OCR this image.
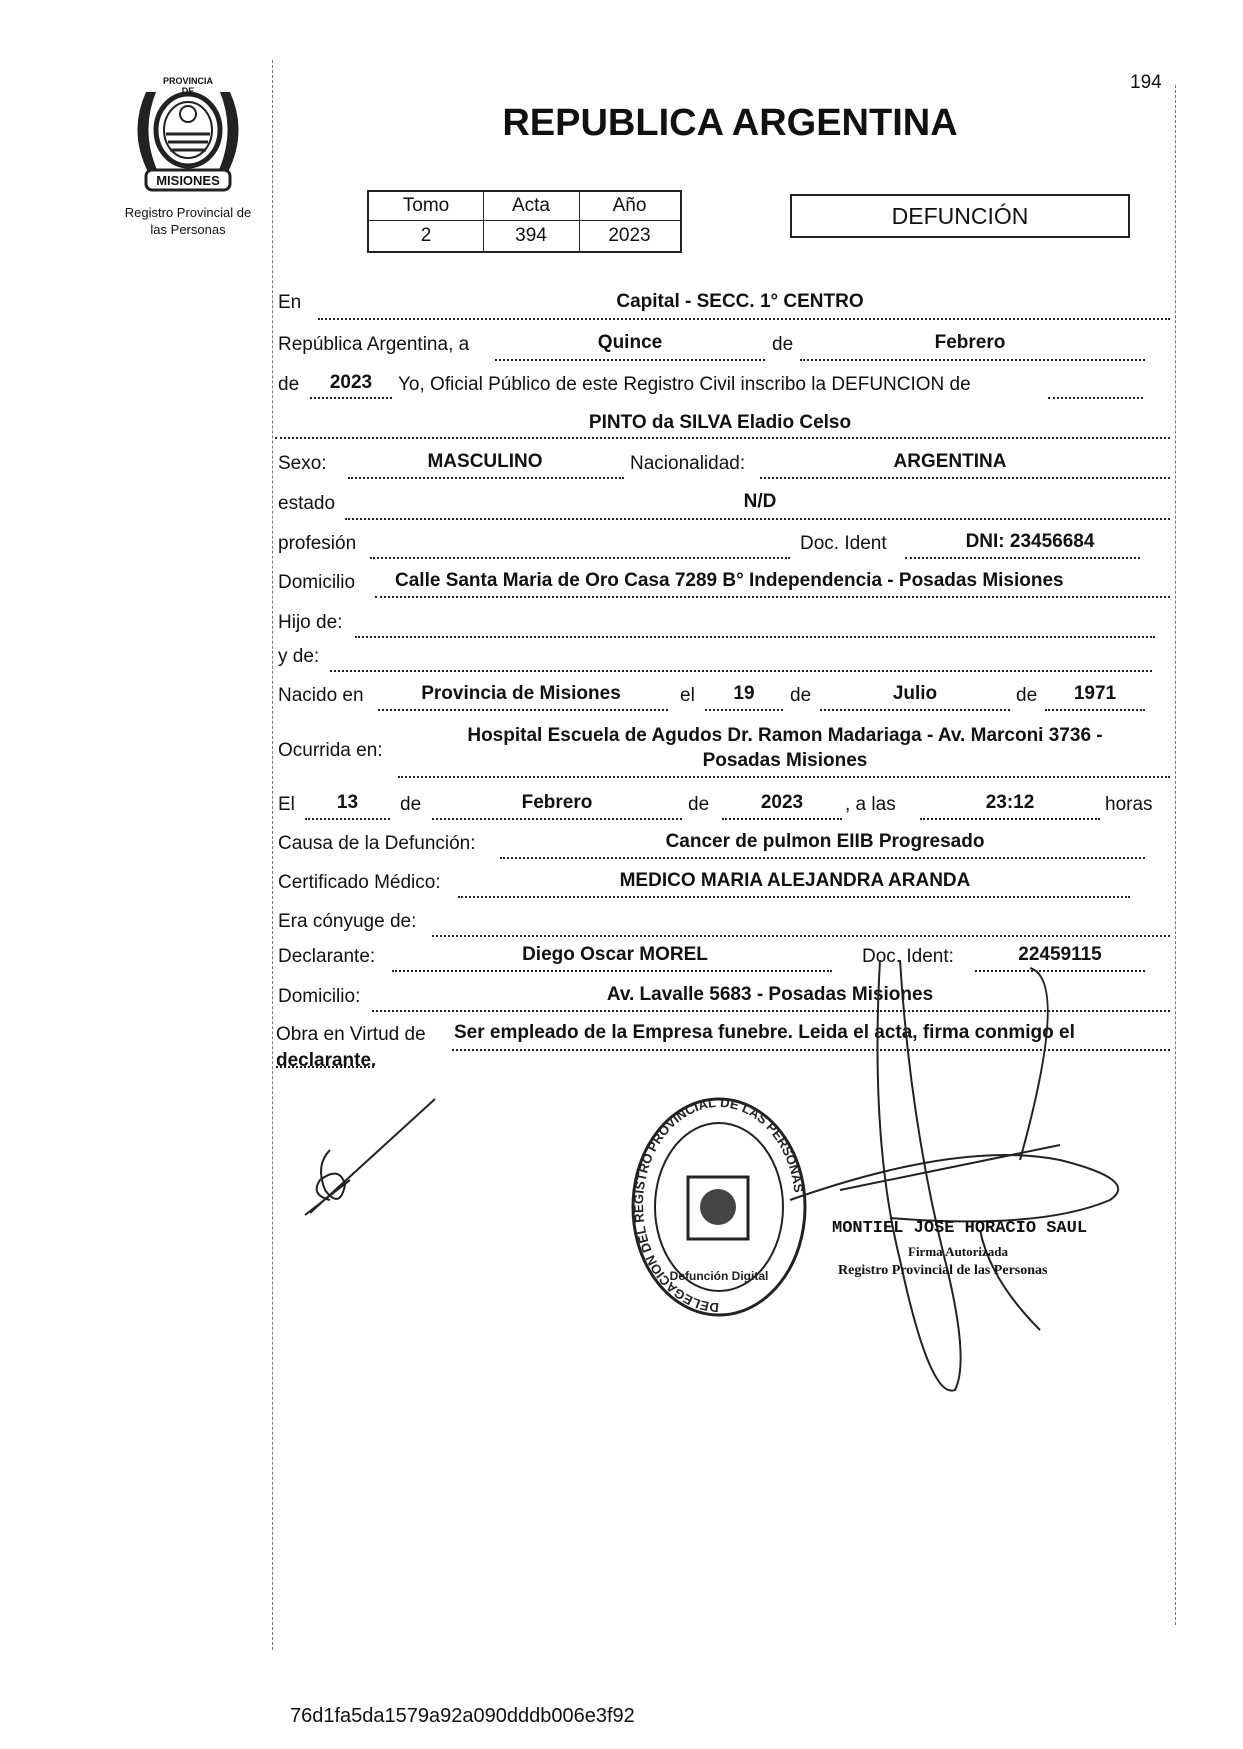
194
PROVINCIA DE
MISIONES
Registro Provincial de
las Personas
REPUBLICA ARGENTINA
Tomo	Acta	Año
2	394	2023
DEFUNCIÓN
En	Capital - SECC. 1° CENTRO
República Argentina, a	Quince	de	Febrero
de	2023	Yo, Oficial Público de este Registro Civil inscribo la DEFUNCION de
PINTO da SILVA Eladio Celso
Sexo:	MASCULINO	Nacionalidad:	ARGENTINA
estado	N/D
profesión	Doc. Ident	DNI: 23456684
Domicilio Calle Santa Maria de Oro Casa 7289 B° Independencia - Posadas Misiones
Hijo de:
y de:
Nacido en	Provincia de Misiones	el	19	de	Julio	de	1971
Ocurrida en:
Hospital Escuela de Agudos Dr. Ramon Madariaga - Av. Marconi 3736 -
Posadas Misiones
El	13	de	Febrero	de	2023	, a las	23:12	horas
Causa de la Defunción:	Cancer de pulmon EIIB Progresado
Certificado Médico:	MEDICO MARIA ALEJANDRA ARANDA
Era cónyuge de:
Declarante:	Diego Oscar MOREL	Doc. Ident:	22459115
Domicilio:	Av. Lavalle 5683 - Posadas Misiones
Obra en Virtud de Ser empleado de la Empresa funebre. Leida el acta, firma conmigo el
declarante.
DELEGACION DEL REGISTRO PROVINCIAL DE LAS PERSONAS
Defunción Digital
MONTIEL JOSE HORACIO SAUL
Firma Autorizada
Registro Provincial de las Personas
76d1fa5da1579a92a090dddb006e3f92
